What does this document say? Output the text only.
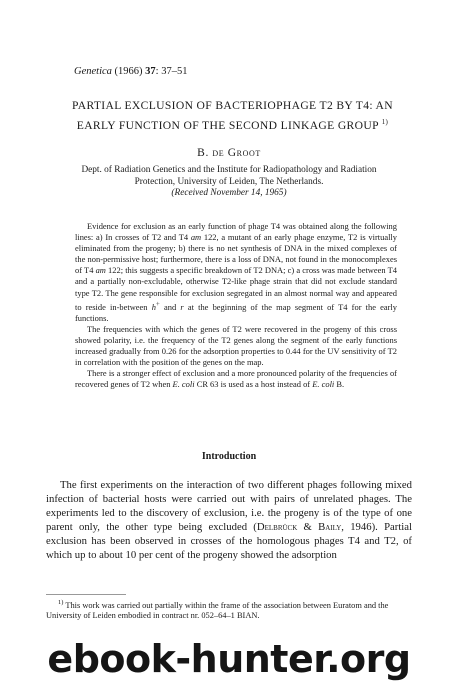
Genetica (1966) 37: 37–51
PARTIAL EXCLUSION OF BACTERIOPHAGE T2 BY T4: AN
EARLY FUNCTION OF THE SECOND LINKAGE GROUP $^{1)}$
B. de Groot
Dept. of Radiation Genetics and the Institute for Radiopathology and Radiation
Protection, University of Leiden, The Netherlands.
(Received November 14, 1965)

Evidence for exclusion as an early function of phage T4 was obtained along the following lines: a) In crosses of T2 and T4 am 122, a mutant of an early phage enzyme, T2 is virtually eliminated from the progeny; b) there is no net synthesis of DNA in the mixed complexes of the non-permissive host; furthermore, there is a loss of DNA, not found in the monocomplexes of T4 am 122; this suggests a specific breakdown of T2 DNA; c) a cross was made between T4 and a partially non-excludable, otherwise T2-like phage strain that did not exclude standard type T2. The gene responsible for exclusion segregated in an almost normal way and appeared to reside in-between h+ and r at the beginning of the map segment of T4 for the early functions.

The frequencies with which the genes of T2 were recovered in the progeny of this cross showed polarity, i.e. the frequency of the T2 genes along the segment of the early functions increased gradually from 0.26 for the adsorption properties to 0.44 for the UV sensitivity of T2 in correlation with the position of the genes on the map.

There is a stronger effect of exclusion and a more pronounced polarity of the frequencies of recovered genes of T2 when E. coli CR 63 is used as a host instead of E. coli B.

Introduction

The first experiments on the interaction of two different phages following mixed infection of bacterial hosts were carried out with pairs of unrelated phages. The experiments led to the discovery of exclusion, i.e. the progeny is of the type of one parent only, the other type being excluded (Delbrück & Baily, 1946). Partial exclusion has been observed in crosses of the homologous phages T4 and T2, of which up to about 10 per cent of the progeny showed the adsorption

$^{1)}$ This work was carried out partially within the frame of the association between Euratom and the University of Leiden embodied in contract nr. 052–64–1 BIAN.

ebook-hunter.org
